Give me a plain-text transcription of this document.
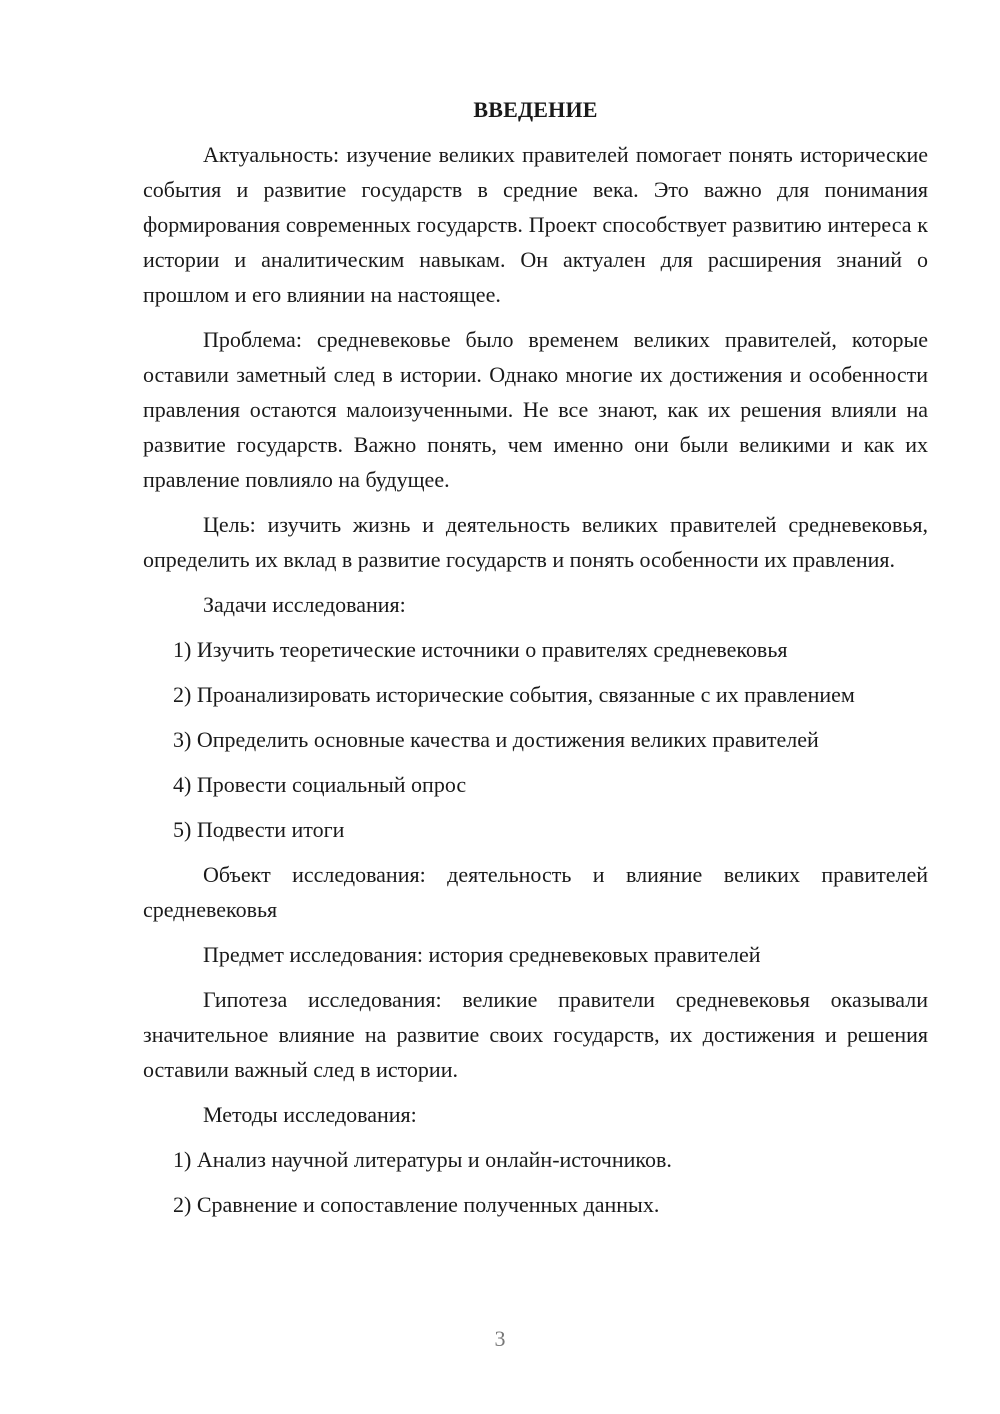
ВВЕДЕНИЕ

Актуальность: изучение великих правителей помогает понять исторические события и развитие государств в средние века. Это важно для понимания формирования современных государств. Проект способствует развитию интереса к истории и аналитическим навыкам. Он актуален для расширения знаний о прошлом и его влиянии на настоящее.

Проблема: средневековье было временем великих правителей, которые оставили заметный след в истории. Однако многие их достижения и особенности правления остаются малоизученными. Не все знают, как их решения влияли на развитие государств. Важно понять, чем именно они были великими и как их правление повлияло на будущее.

Цель: изучить жизнь и деятельность великих правителей средневековья, определить их вклад в развитие государств и понять особенности их правления.

Задачи исследования:

1) Изучить теоретические источники о правителях средневековья

2) Проанализировать исторические события, связанные с их правлением

3) Определить основные качества и достижения великих правителей

4) Провести социальный опрос

5) Подвести итоги

Объект исследования: деятельность и влияние великих правителей средневековья

Предмет исследования: история средневековых правителей

Гипотеза исследования: великие правители средневековья оказывали значительное влияние на развитие своих государств, их достижения и решения оставили важный след в истории.

Методы исследования:

1) Анализ научной литературы и онлайн-источников.

2) Сравнение и сопоставление полученных данных.

3
